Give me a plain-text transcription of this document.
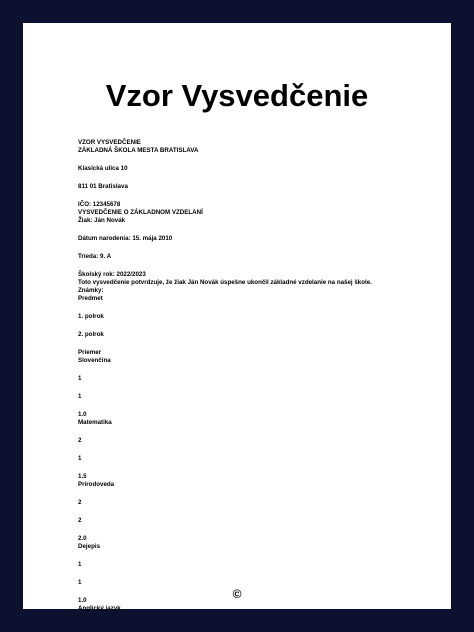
Vzor Vysvedčenie
VZOR VYSVEDČENIE
ZÁKLADNÁ ŠKOLA MESTA BRATISLAVA
Klasická ulica 10
811 01 Bratislava
IČO: 12345678
VYSVEDČENIE O ZÁKLADNOM VZDELANÍ
Žiak: Ján Novák
Dátum narodenia: 15. mája 2010
Trieda: 9. A
Školský rok: 2022/2023
Toto vysvedčenie potvrdzuje, že žiak Ján Novák úspešne ukončil základné vzdelanie na našej škole.
Známky:
Predmet
1. polrok
2. polrok
Priemer
Slovenčina
1
1
1.0
Matematika
2
1
1.5
Prírodoveda
2
2
2.0
Dejepis
1
1
1.0
Anglický jazyk
©
